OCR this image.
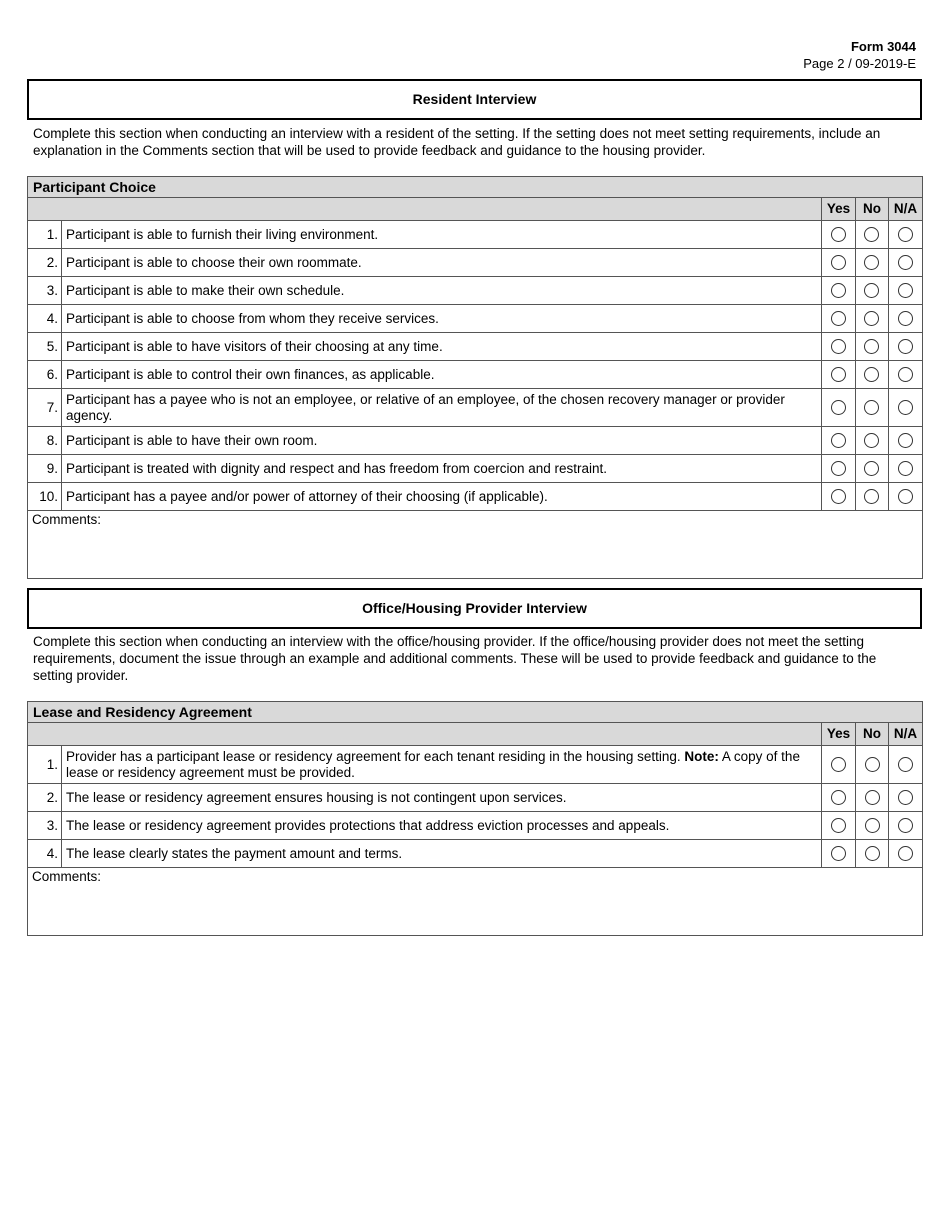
Form 3044
Page 2 / 09-2019-E
Resident Interview
Complete this section when conducting an interview with a resident of the setting. If the setting does not meet setting requirements, include an explanation in the Comments section that will be used to provide feedback and guidance to the housing provider.
Participant Choice				
		Yes	No	N/A
1.	Participant is able to furnish their living environment.			
2.	Participant is able to choose their own roommate.			
3.	Participant is able to make their own schedule.			
4.	Participant is able to choose from whom they receive services.			
5.	Participant is able to have visitors of their choosing at any time.			
6.	Participant is able to control their own finances, as applicable.			
7.	Participant has a payee who is not an employee, or relative of an employee, of the chosen recovery manager or provider agency.			
8.	Participant is able to have their own room.			
9.	Participant is treated with dignity and respect and has freedom from coercion and restraint.			
10.	Participant has a payee and/or power of attorney of their choosing (if applicable).			
Comments:				
Office/Housing Provider Interview
Complete this section when conducting an interview with the office/housing provider. If the office/housing provider does not meet the setting requirements, document the issue through an example and additional comments. These will be used to provide feedback and guidance to the setting provider.
Lease and Residency Agreement				
		Yes	No	N/A
1.	Provider has a participant lease or residency agreement for each tenant residing in the housing setting. Note: A copy of the lease or residency agreement must be provided.			
2.	The lease or residency agreement ensures housing is not contingent upon services.			
3.	The lease or residency agreement provides protections that address eviction processes and appeals.			
4.	The lease clearly states the payment amount and terms.			
Comments:				
